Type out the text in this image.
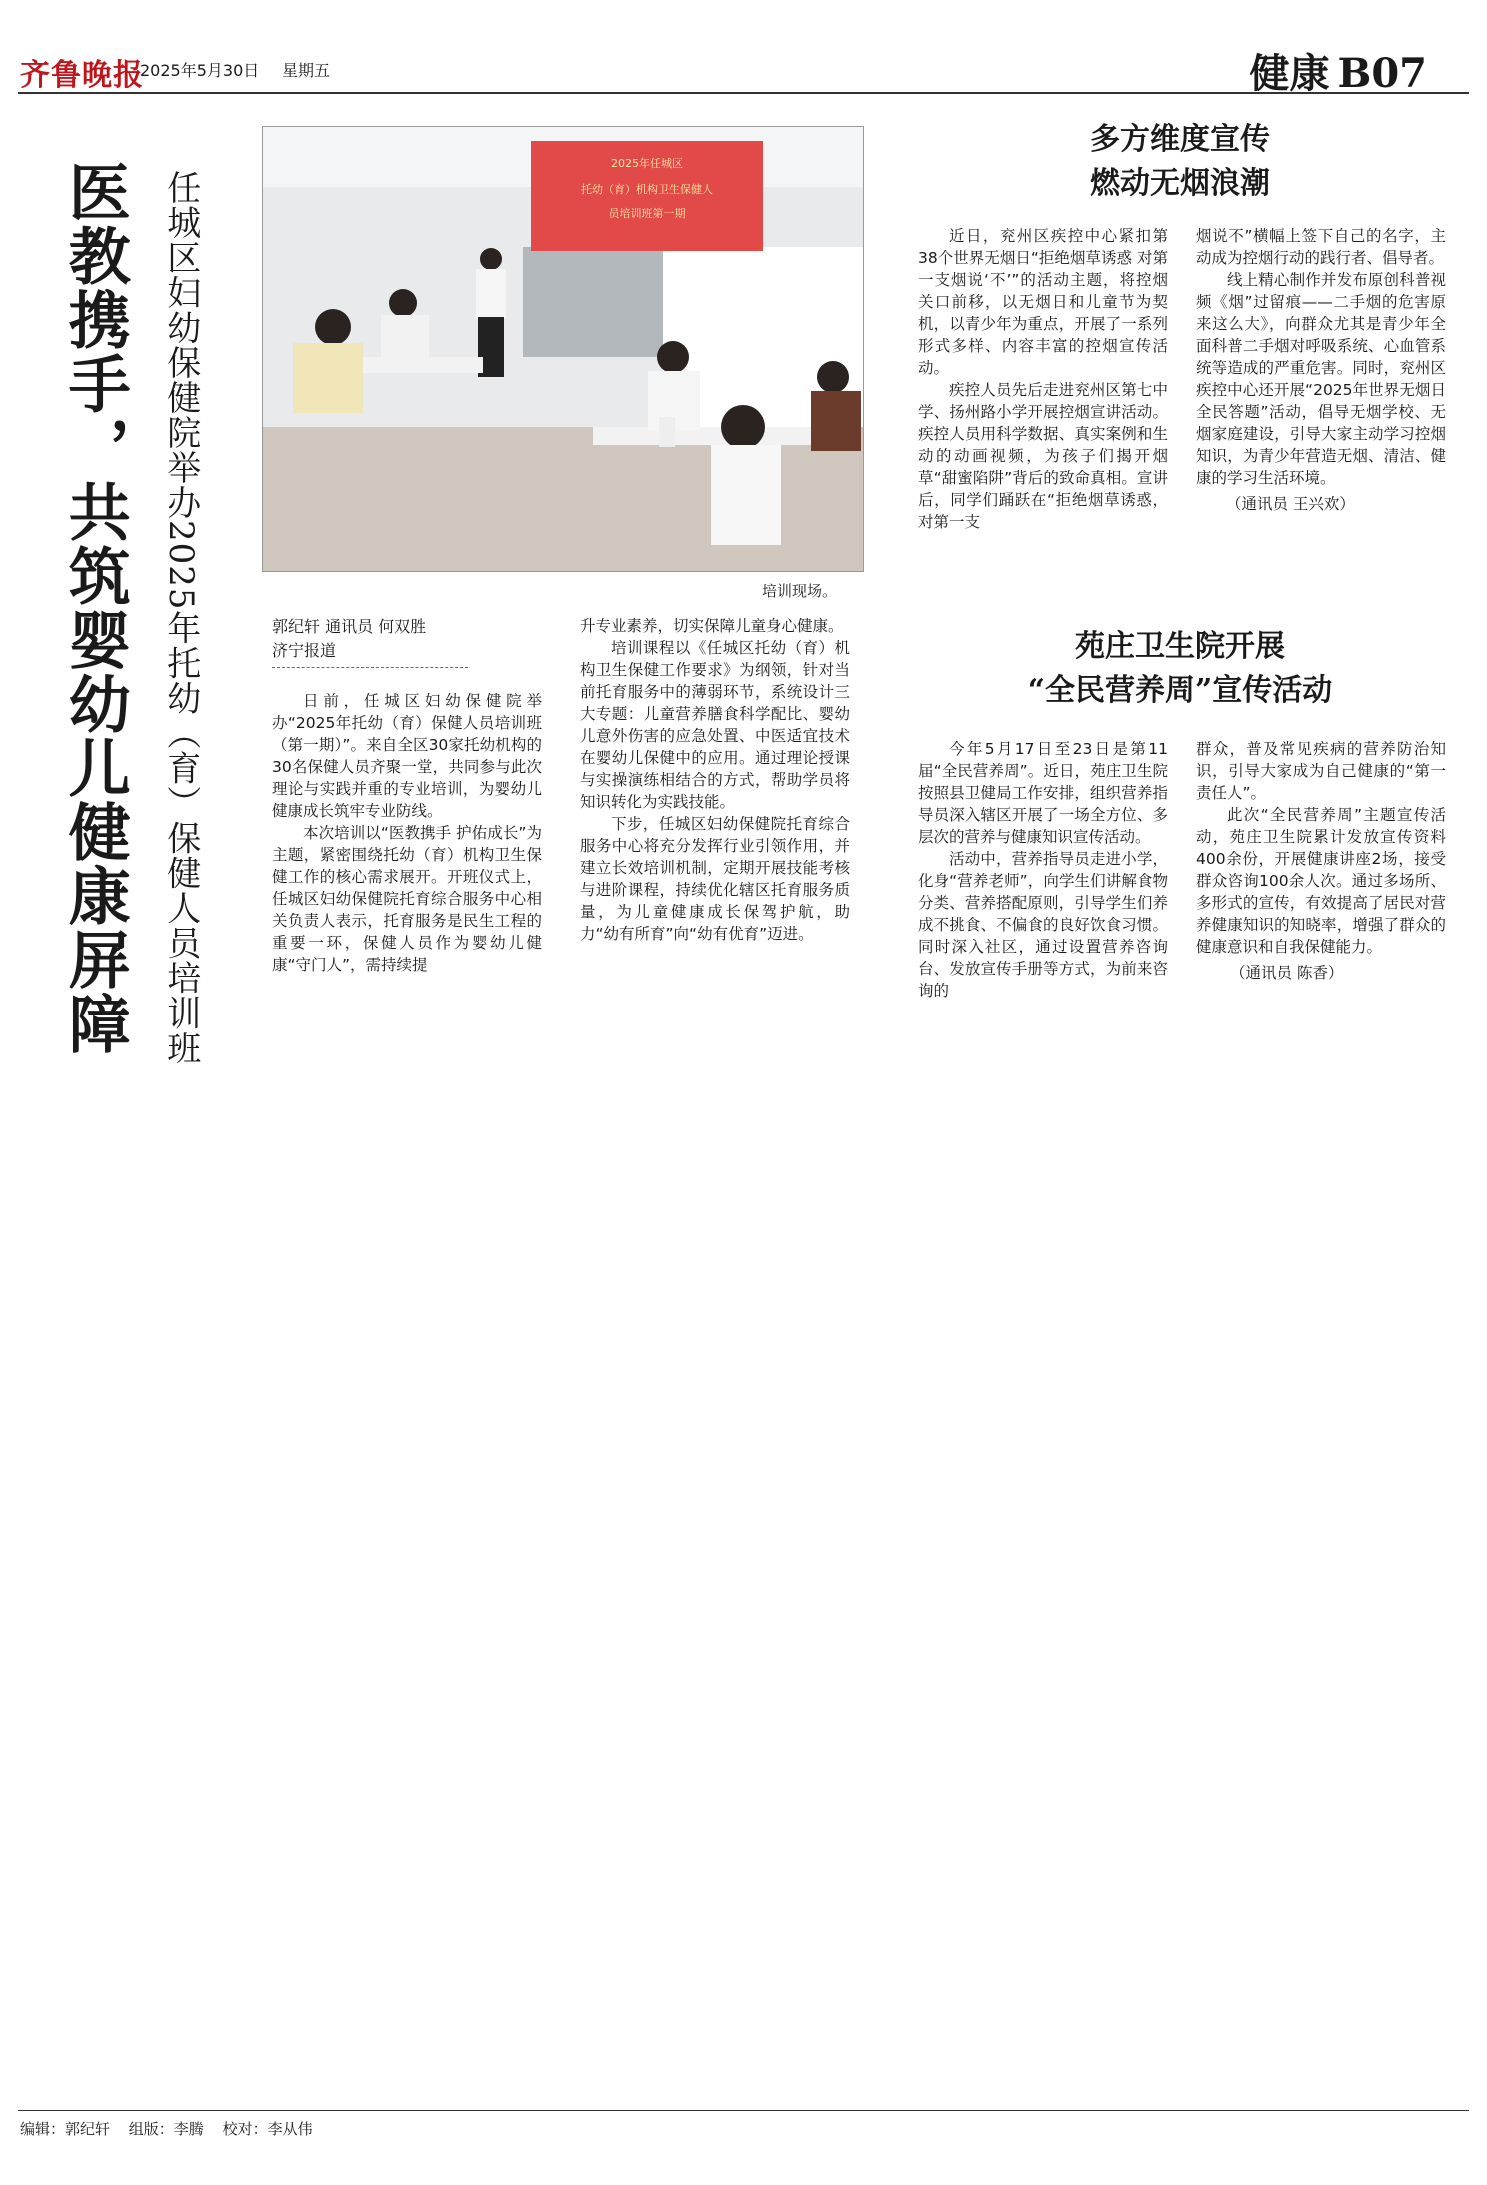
齐鲁晚报
2025年5月30日 星期五	健康 B07
医教携手，共筑婴幼儿健康屏障 任城区妇幼保健院举办2025年托幼（育）保健人员培训班
2025年任城区
托幼（育）机构卫生保健人
员培训班第一期
培训现场。
郭纪轩 通讯员 何双胜
济宁报道

日前，任城区妇幼保健院举办“2025年托幼（育）保健人员培训班（第一期）”。来自全区30家托幼机构的30名保健人员齐聚一堂，共同参与此次理论与实践并重的专业培训，为婴幼儿健康成长筑牢专业防线。

本次培训以“医教携手 护佑成长”为主题，紧密围绕托幼（育）机构卫生保健工作的核心需求展开。开班仪式上，任城区妇幼保健院托育综合服务中心相关负责人表示，托育服务是民生工程的重要一环，保健人员作为婴幼儿健康“守门人”，需持续提

升专业素养，切实保障儿童身心健康。

培训课程以《任城区托幼（育）机构卫生保健工作要求》为纲领，针对当前托育服务中的薄弱环节，系统设计三大专题：儿童营养膳食科学配比、婴幼儿意外伤害的应急处置、中医适宜技术在婴幼儿保健中的应用。通过理论授课与实操演练相结合的方式，帮助学员将知识转化为实践技能。

下步，任城区妇幼保健院托育综合服务中心将充分发挥行业引领作用，并建立长效培训机制，定期开展技能考核与进阶课程，持续优化辖区托育服务质量，为儿童健康成长保驾护航，助力“幼有所育”向“幼有优育”迈进。

多方维度宣传
燃动无烟浪潮

近日，兖州区疾控中心紧扣第38个世界无烟日“拒绝烟草诱惑 对第一支烟说‘不’”的活动主题，将控烟关口前移，以无烟日和儿童节为契机，以青少年为重点，开展了一系列形式多样、内容丰富的控烟宣传活动。

疾控人员先后走进兖州区第七中学、扬州路小学开展控烟宣讲活动。疾控人员用科学数据、真实案例和生动的动画视频，为孩子们揭开烟草“甜蜜陷阱”背后的致命真相。宣讲后，同学们踊跃在“拒绝烟草诱惑，对第一支

烟说不”横幅上签下自己的名字，主动成为控烟行动的践行者、倡导者。

线上精心制作并发布原创科普视频《烟”过留痕——二手烟的危害原来这么大》，向群众尤其是青少年全面科普二手烟对呼吸系统、心血管系统等造成的严重危害。同时，兖州区疾控中心还开展“2025年世界无烟日全民答题”活动，倡导无烟学校、无烟家庭建设，引导大家主动学习控烟知识，为青少年营造无烟、清洁、健康的学习生活环境。

（通讯员 王兴欢）
苑庄卫生院开展
“全民营养周”宣传活动

今年5月17日至23日是第11届“全民营养周”。近日，苑庄卫生院按照县卫健局工作安排，组织营养指导员深入辖区开展了一场全方位、多层次的营养与健康知识宣传活动。

活动中，营养指导员走进小学，化身“营养老师”，向学生们讲解食物分类、营养搭配原则，引导学生们养成不挑食、不偏食的良好饮食习惯。同时深入社区，通过设置营养咨询台、发放宣传手册等方式，为前来咨询的

群众，普及常见疾病的营养防治知识，引导大家成为自己健康的“第一责任人”。

此次“全民营养周”主题宣传活动，苑庄卫生院累计发放宣传资料400余份，开展健康讲座2场，接受群众咨询100余人次。通过多场所、多形式的宣传，有效提高了居民对营养健康知识的知晓率，增强了群众的健康意识和自我保健能力。

（通讯员 陈香）
编辑：郭纪轩 组版：李腾 校对：李从伟
